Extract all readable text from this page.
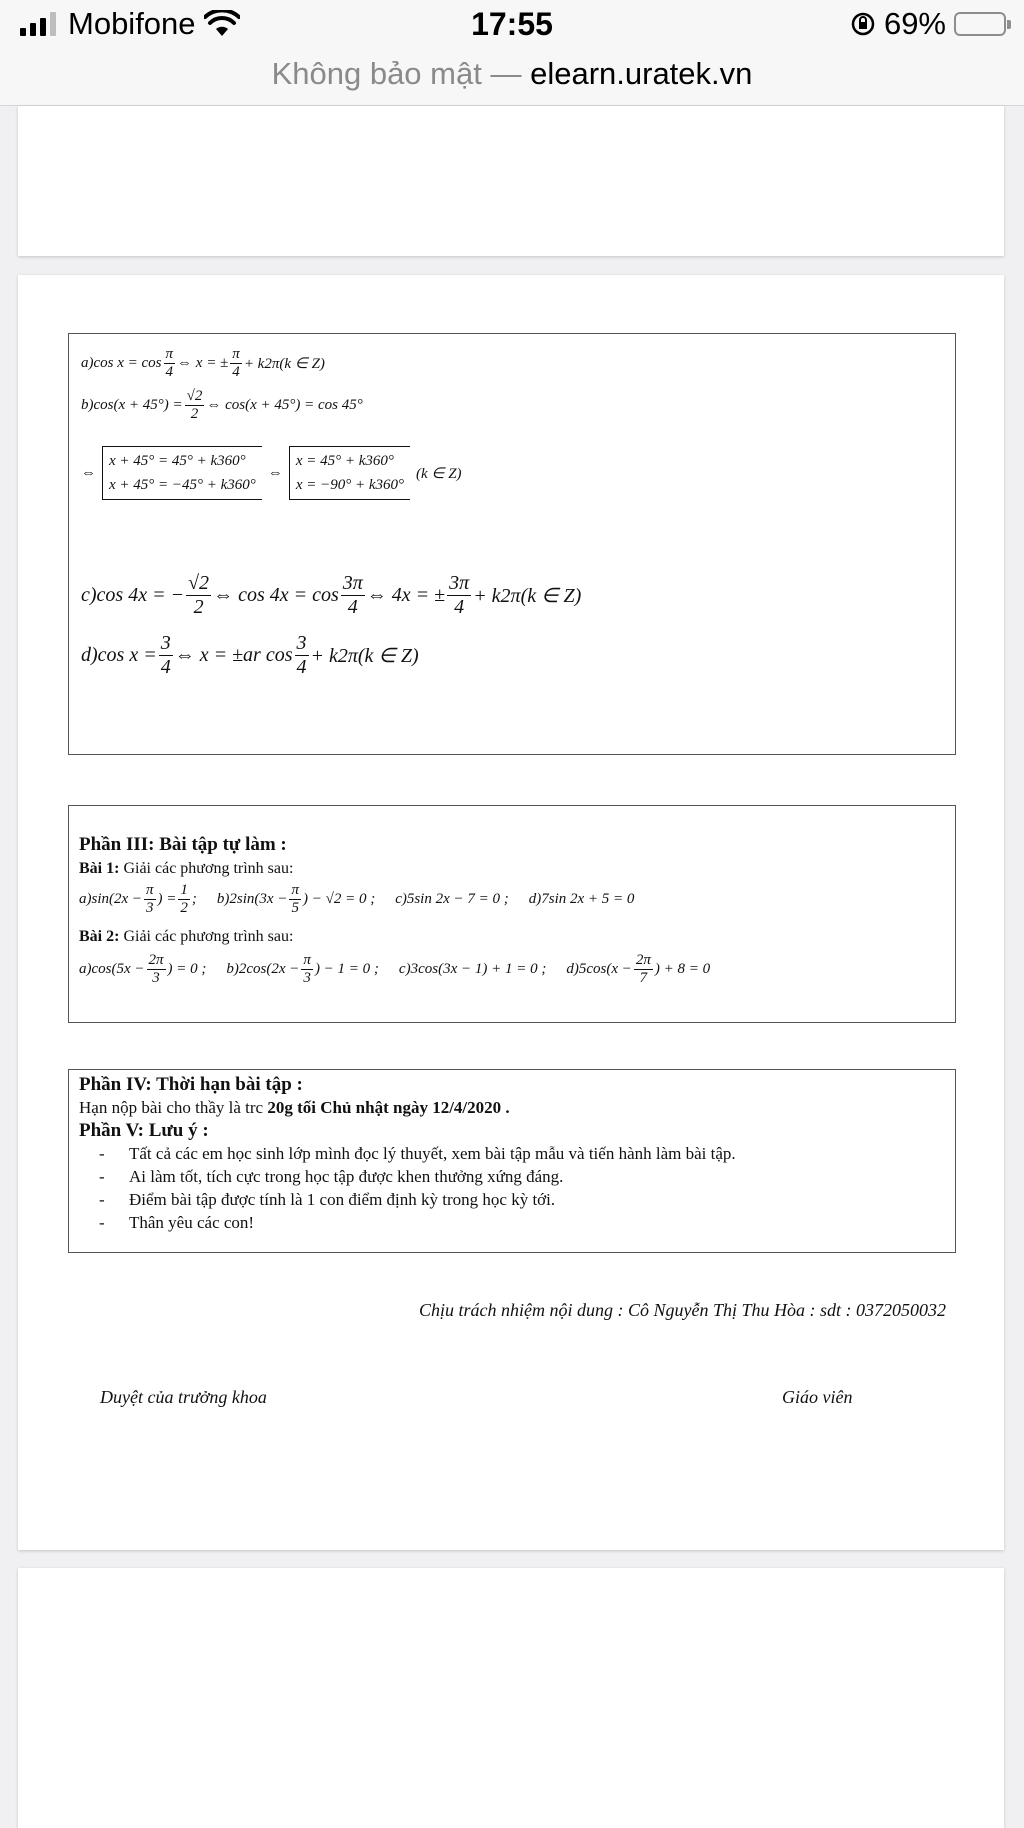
Mobifone	17:55	69%
Không bảo mật — elearn.uratek.vn
a)cos $x = \cos \frac{\pi}{4}$ ⇔ x = ± $\frac{\pi}{4} + k2\pi(k$ ∈ Z)
$b)\cos(x + 45^\circ) = \frac{√2}{2}$ ⇔ cos(x + 45°) = cos 45°
⇔
x + 45° = 45° + k360°
x + 45° = −45° + k360°
⇔
x = 45° + k360°
x = −90° + k360°
(k ∈ Z)
c)cos 4x = − $\frac{√2}{2}$ ⇔ $\cos 4x = \cos \frac{3\pi}{4}$ ⇔ 4x = ± $\frac{3\pi}{4} + k2\pi(k$ ∈ Z)
d)cos $x = \frac{3}{4}$ ⇔ x = ±ar $\cos \frac{3}{4} + k2\pi(k$ ∈ Z)
Phần III: Bài tập tự làm :
Bài 1: Giải các phương trình sau:
$a)\sin(2x - \frac{\pi}{3}$ ) = $\frac{1}{2}$ ; $b)2\sin(3x - \frac{\pi}{5}$ ) − √2 = 0 ; c)5sin 2x − 7 = 0 ; d)7sin 2x + 5 = 0
Bài 2: Giải các phương trình sau:
$a)\cos(5x - \frac{2\pi}{3}$ ) = 0 ; $b)2\cos(2x - \frac{\pi}{3}$ ) − 1 = 0 ; c)3cos(3x − 1) + 1 = 0 ; $d)5\cos(x - \frac{2\pi}{7}$ ) + 8 = 0
Phần IV: Thời hạn bài tập :
Hạn nộp bài cho thầy là trc 20g tối Chủ nhật ngày 12/4/2020 .
Phần V: Lưu ý :
- Tất cả các em học sinh lớp mình đọc lý thuyết, xem bài tập mẫu và tiến hành làm bài tập.
- Ai làm tốt, tích cực trong học tập được khen thưởng xứng đáng.
- Điểm bài tập được tính là 1 con điểm định kỳ trong học kỳ tới.
- Thân yêu các con!
Chịu trách nhiệm nội dung : Cô Nguyễn Thị Thu Hòa : sdt : 0372050032
Duyệt của trưởng khoa	Giáo viên
